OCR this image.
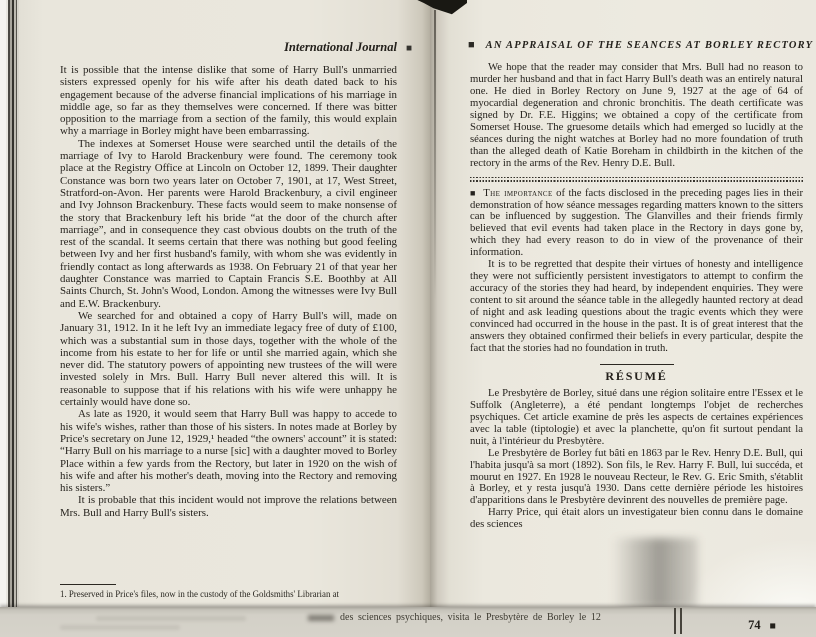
International Journal ■

It is possible that the intense dislike that some of Harry Bull's unmarried sisters expressed openly for his wife after his death dated back to his engagement because of the adverse financial implications of his marriage in middle age, so far as they themselves were concerned. If there was bitter opposition to the marriage from a section of the family, this would explain why a marriage in Borley might have been embarrassing.

The indexes at Somerset House were searched until the details of the marriage of Ivy to Harold Brackenbury were found. The ceremony took place at the Registry Office at Lincoln on October 12, 1899. Their daughter Constance was born two years later on October 7, 1901, at 17, West Street, Stratford-on-Avon. Her parents were Harold Brackenbury, a civil engineer and Ivy Johnson Brackenbury. These facts would seem to make nonsense of the story that Brackenbury left his bride “at the door of the church after marriage”, and in consequence they cast obvious doubts on the truth of the rest of the scandal. It seems certain that there was nothing but good feeling between Ivy and her first husband's family, with whom she was evidently in friendly contact as long afterwards as 1938. On February 21 of that year her daughter Constance was married to Captain Francis S.E. Boothby at All Saints Church, St. John's Wood, London. Among the witnesses were Ivy Bull and E.W. Brackenbury.

We searched for and obtained a copy of Harry Bull's will, made on January 31, 1912. In it he left Ivy an immediate legacy free of duty of £100, which was a substantial sum in those days, together with the whole of the income from his estate to her for life or until she married again, which she never did. The statutory powers of appointing new trustees of the will were invested solely in Mrs. Bull. Harry Bull never altered this will. It is reasonable to suppose that if his relations with his wife were unhappy he certainly would have done so.

As late as 1920, it would seem that Harry Bull was happy to accede to his wife's wishes, rather than those of his sisters. In notes made at Borley by Price's secretary on June 12, 1929,¹ headed “the owners' account” it is stated: “Harry Bull on his marriage to a nurse [sic] with a daughter moved to Borley Place within a few yards from the Rectory, but later in 1920 on the wish of his wife and after his mother's death, moving into the Rectory and removing his sisters.”

It is probable that this incident would not improve the relations between Mrs. Bull and Harry Bull's sisters.

1. Preserved in Price's files, now in the custody of the Goldsmiths' Librarian at
■ AN APPRAISAL OF THE SEANCES AT BORLEY RECTORY

We hope that the reader may consider that Mrs. Bull had no reason to murder her husband and that in fact Harry Bull's death was an entirely natural one. He died in Borley Rectory on June 9, 1927 at the age of 64 of myocardial degeneration and chronic bronchitis. The death certificate was signed by Dr. F.E. Higgins; we obtained a copy of the certificate from Somerset House. The gruesome details which had emerged so lucidly at the séances during the night watches at Borley had no more foundation of truth than the alleged death of Katie Boreham in childbirth in the kitchen of the rectory in the arms of the Rev. Henry D.E. Bull.

■ The importance of the facts disclosed in the preceding pages lies in their demonstration of how séance messages regarding matters known to the sitters can be influenced by suggestion. The Glanvilles and their friends firmly believed that evil events had taken place in the Rectory in days gone by, which they had every reason to do in view of the provenance of their information.

It is to be regretted that despite their virtues of honesty and intelligence they were not sufficiently persistent investigators to attempt to confirm the accuracy of the stories they had heard, by independent enquiries. They were content to sit around the séance table in the allegedly haunted rectory at dead of night and ask leading questions about the tragic events which they were convinced had occurred in the house in the past. It is of great interest that the answers they obtained confirmed their beliefs in every particular, despite the fact that the stories had no foundation in truth.

RÉSUMÉ

Le Presbytère de Borley, situé dans une région solitaire entre l'Essex et le Suffolk (Angleterre), a été pendant longtemps l'objet de recherches psychiques. Cet article examine de près les aspects de certaines expériences avec la table (tiptologie) et avec la planchette, qu'on fit surtout pendant la nuit, à l'intérieur du Presbytère.

Le Presbytère de Borley fut bâti en 1863 par le Rev. Henry D.E. Bull, qui l'habita jusqu'à sa mort (1892). Son fils, le Rev. Harry F. Bull, lui succéda, et mourut en 1927. En 1928 le nouveau Recteur, le Rev. G. Eric Smith, s'établit à Borley, et y resta jusqu'à 1930. Dans cette dernière période les histoires d'apparitions dans le Presbytère devinrent des nouvelles de première page.

Harry Price, qui était alors un investigateur bien connu dans le domaine des sciences

des sciences psychiques, visita le Presbytère de Borley le 12
74 ■
